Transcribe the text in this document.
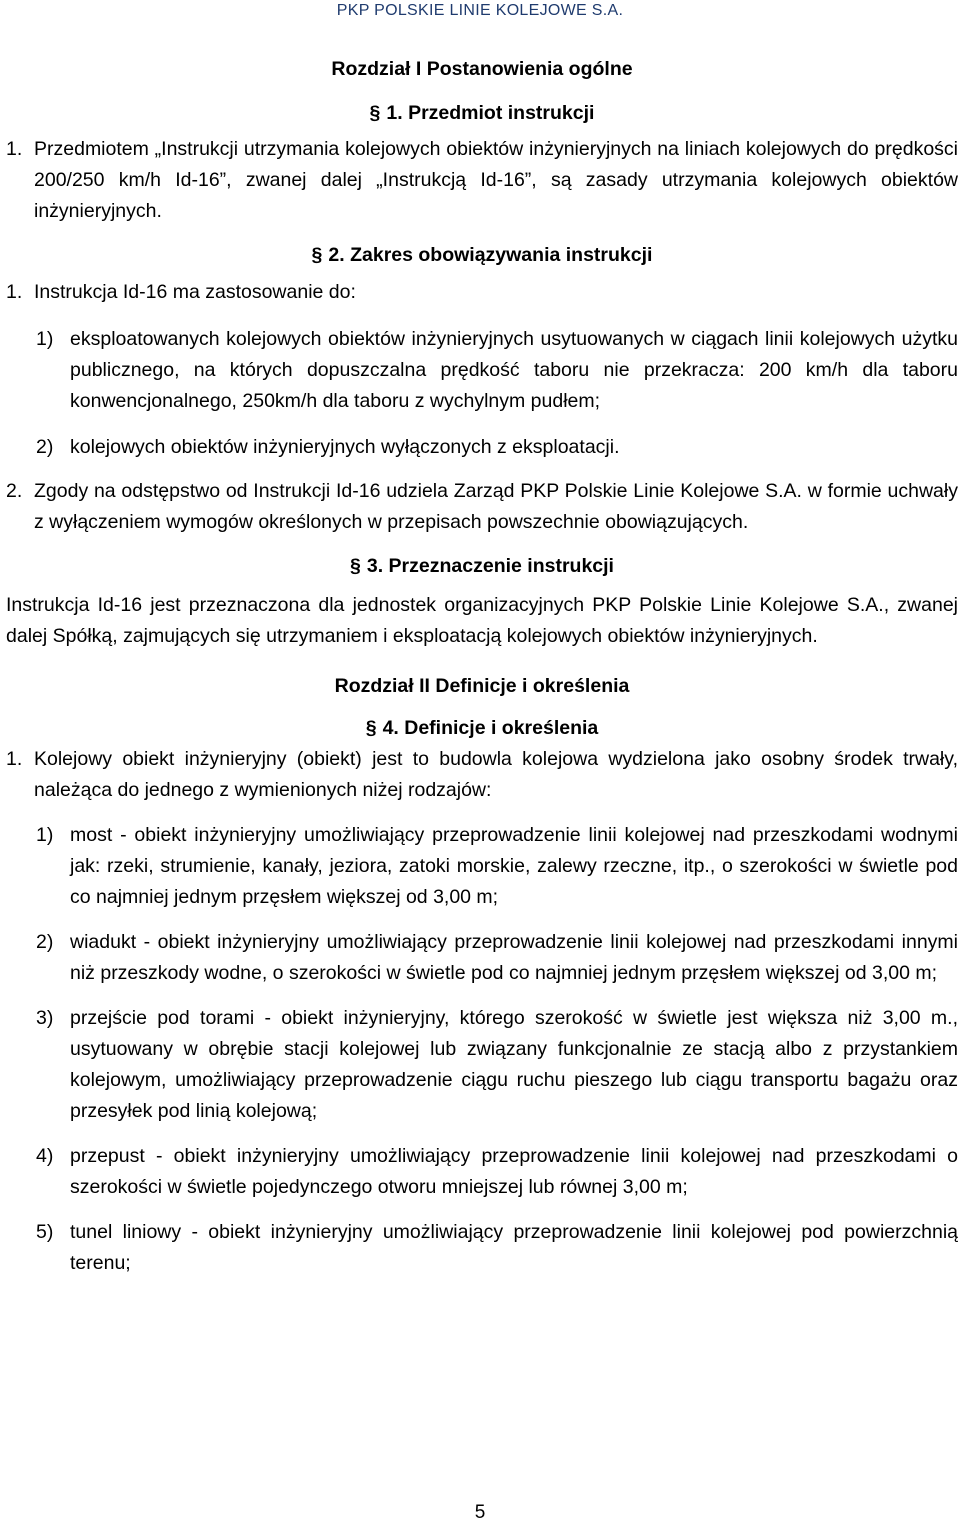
PKP POLSKIE LINIE KOLEJOWE S.A.

Rozdział I Postanowienia ogólne

§ 1. Przedmiot instrukcji

1. Przedmiotem „Instrukcji utrzymania kolejowych obiektów inżynieryjnych na liniach kolejowych do prędkości 200/250 km/h Id-16”, zwanej dalej „Instrukcją Id-16”, są zasady utrzymania kolejowych obiektów inżynieryjnych.

§ 2. Zakres obowiązywania instrukcji

1. Instrukcja Id-16 ma zastosowanie do:
1) eksploatowanych kolejowych obiektów inżynieryjnych usytuowanych w ciągach linii kolejowych użytku publicznego, na których dopuszczalna prędkość taboru nie przekracza: 200 km/h dla taboru konwencjonalnego, 250km/h dla taboru z wychylnym pudłem;
2) kolejowych obiektów inżynieryjnych wyłączonych z eksploatacji.
2. Zgody na odstępstwo od Instrukcji Id-16 udziela Zarząd PKP Polskie Linie Kolejowe S.A. w formie uchwały z wyłączeniem wymogów określonych w przepisach powszechnie obowiązujących.

§ 3. Przeznaczenie instrukcji

Instrukcja Id-16 jest przeznaczona dla jednostek organizacyjnych PKP Polskie Linie Kolejowe S.A., zwanej dalej Spółką, zajmujących się utrzymaniem i eksploatacją kolejowych obiektów inżynieryjnych.

Rozdział II Definicje i określenia

§ 4. Definicje i określenia

1. Kolejowy obiekt inżynieryjny (obiekt) jest to budowla kolejowa wydzielona jako osobny środek trwały, należąca do jednego z wymienionych niżej rodzajów:
1) most - obiekt inżynieryjny umożliwiający przeprowadzenie linii kolejowej nad przeszkodami wodnymi jak: rzeki, strumienie, kanały, jeziora, zatoki morskie, zalewy rzeczne, itp., o szerokości w świetle pod co najmniej jednym przęsłem większej od 3,00 m;
2) wiadukt - obiekt inżynieryjny umożliwiający przeprowadzenie linii kolejowej nad przeszkodami innymi niż przeszkody wodne, o szerokości w świetle pod co najmniej jednym przęsłem większej od 3,00 m;
3) przejście pod torami - obiekt inżynieryjny, którego szerokość w świetle jest większa niż 3,00 m., usytuowany w obrębie stacji kolejowej lub związany funkcjonalnie ze stacją albo z przystankiem kolejowym, umożliwiający przeprowadzenie ciągu ruchu pieszego lub ciągu transportu bagażu oraz przesyłek pod linią kolejową;
4) przepust - obiekt inżynieryjny umożliwiający przeprowadzenie linii kolejowej nad przeszkodami o szerokości w świetle pojedynczego otworu mniejszej lub równej 3,00 m;
5) tunel liniowy - obiekt inżynieryjny umożliwiający przeprowadzenie linii kolejowej pod powierzchnią terenu;
5
